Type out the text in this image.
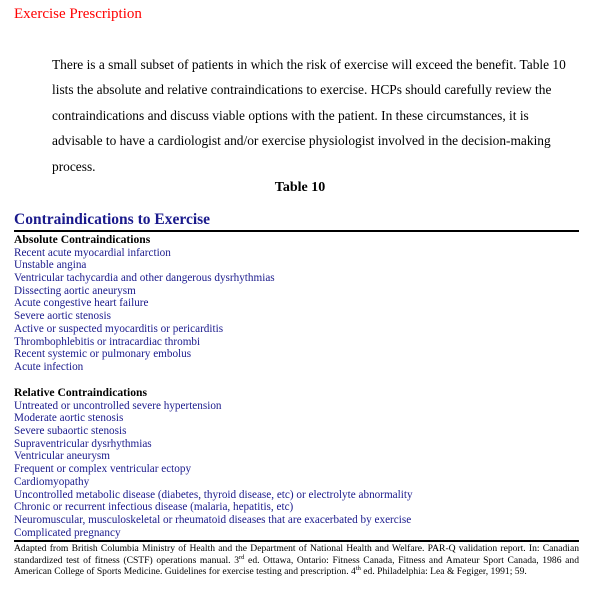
Exercise Prescription

There is a small subset of patients in which the risk of exercise will exceed the benefit. Table 10 lists the absolute and relative contraindications to exercise. HCPs should carefully review the contraindications and discuss viable options with the patient. In these circumstances, it is advisable to have a cardiologist and/or exercise physiologist involved in the decision-making process.

Table 10
Contraindications to Exercise
Absolute Contraindications
Recent acute myocardial infarction
Unstable angina
Ventricular tachycardia and other dangerous dysrhythmias
Dissecting aortic aneurysm
Acute congestive heart failure
Severe aortic stenosis
Active or suspected myocarditis or pericarditis
Thrombophlebitis or intracardiac thrombi
Recent systemic or pulmonary embolus
Acute infection
Relative Contraindications
Untreated or uncontrolled severe hypertension
Moderate aortic stenosis
Severe subaortic stenosis
Supraventricular dysrhythmias
Ventricular aneurysm
Frequent or complex ventricular ectopy
Cardiomyopathy
Uncontrolled metabolic disease (diabetes, thyroid disease, etc) or electrolyte abnormality
Chronic or recurrent infectious disease (malaria, hepatitis, etc)
Neuromuscular, musculoskeletal or rheumatoid diseases that are exacerbated by exercise
Complicated pregnancy
Adapted from British Columbia Ministry of Health and the Department of National Health and Welfare. PAR-Q validation report. In: Canadian standardized test of fitness (CSTF) operations manual. 3rd ed. Ottawa, Ontario: Fitness Canada, Fitness and Amateur Sport Canada, 1986 and American College of Sports Medicine. Guidelines for exercise testing and prescription. 4th ed. Philadelphia: Lea & Fegiger, 1991; 59.
